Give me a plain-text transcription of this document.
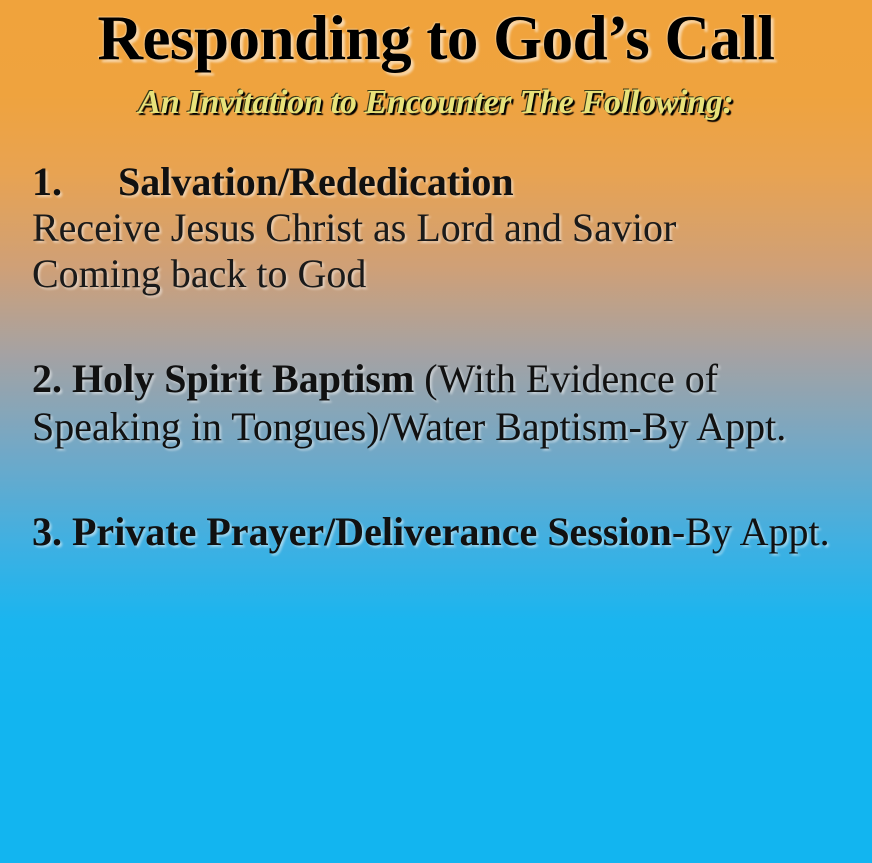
Responding to God’s Call
An Invitation to Encounter The Following:
1. Salvation/Rededication
Receive Jesus Christ as Lord and Savior
Coming back to God
2. Holy Spirit Baptism (With Evidence of Speaking in Tongues)/Water Baptism-By Appt.
3. Private Prayer/Deliverance Session-By Appt.
